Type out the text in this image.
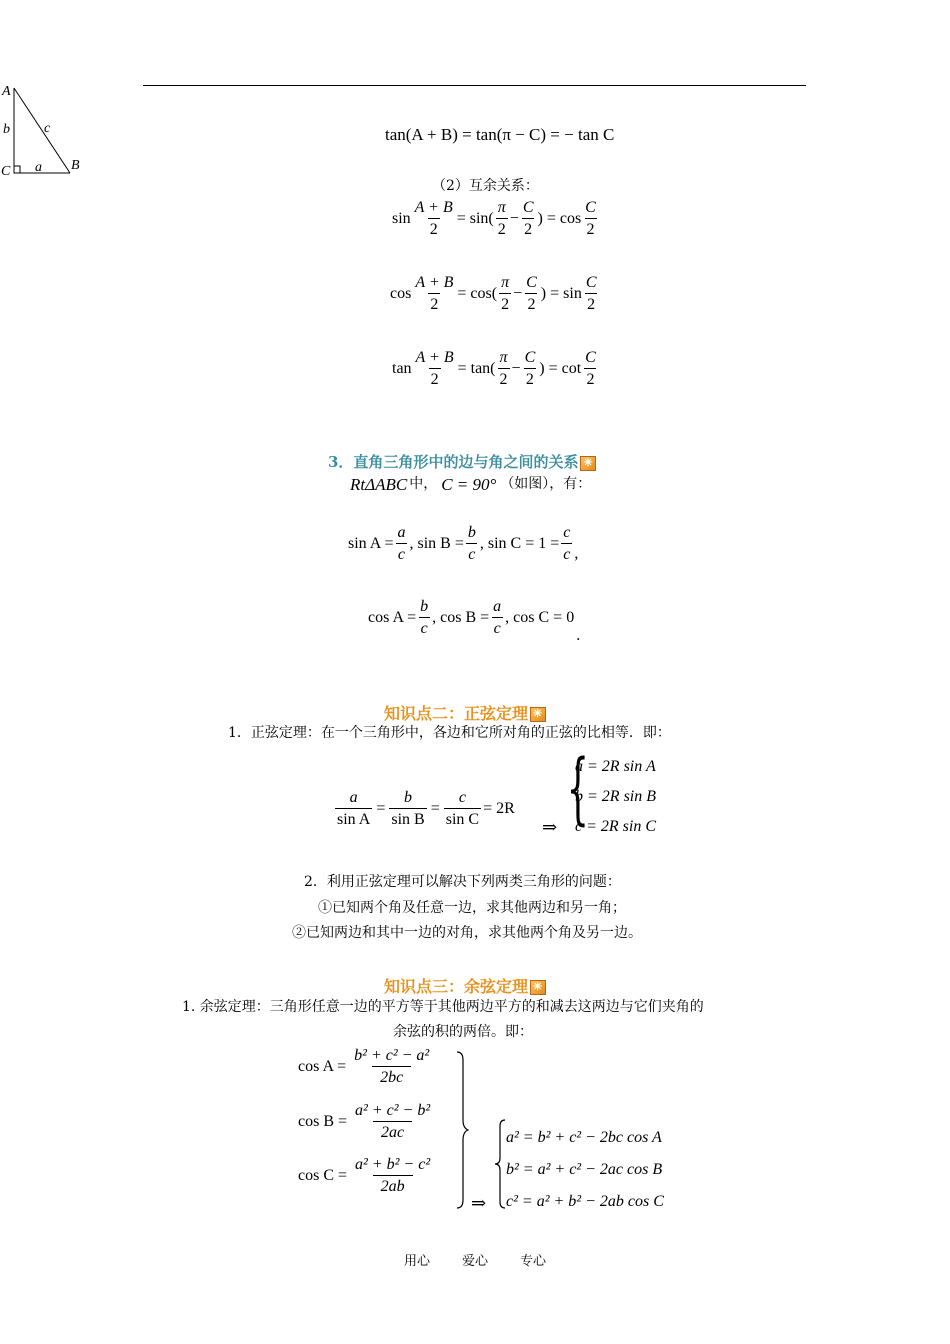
A
b c
C a B
tan(A + B) = tan(π − C) = − tan C
（2）互余关系：
$\sin \frac{A + B}{2} = \sin( \frac{\pi}{2} - \frac{C}{2}$ ) = $\cos \frac{C}{2}$
$\cos \frac{A + B}{2} = \cos( \frac{\pi}{2} - \frac{C}{2}$ ) = $\sin \frac{C}{2}$
$\tan \frac{A + B}{2} = \tan( \frac{\pi}{2} - \frac{C}{2}$ ) = $\cot \frac{C}{2}$
3．直角三角形中的边与角之间的关系✳
RtΔABC 中， C = 90° （如图），有：
$\sin A = \frac{a}{c}$ , $\sin B = \frac{b}{c}$ , $\sin C = 1 = \frac{c}{c}$ ,
$\cos A = \frac{b}{c}$ , $\cos B = \frac{a}{c}$ , cos C = 0
.
知识点二：正弦定理✳
1．正弦定理：在一个三角形中，各边和它所对角的正弦的比相等．即：
$\frac{a}{\text{sin A}} = \frac{b}{\text{sin B}} = \frac{c}{\text{sin C}} = 2R$
⇒ {
a = 2R sin A
b = 2R sin B
c = 2R sin C
2．利用正弦定理可以解决下列两类三角形的问题：
①已知两个角及任意一边，求其他两边和另一角；
②已知两边和其中一边的对角，求其他两个角及另一边。
知识点三：余弦定理✳
1. 余弦定理：三角形任意一边的平方等于其他两边平方的和减去这两边与它们夹角的
余弦的积的两倍。即：
$\cos A = \frac{\text{b² + c² − a²}}{2bc}$
$\cos B = \frac{\text{a² + c² − b²}}{2ac}$
$\cos C = \frac{\text{a² + b² − c²}}{2ab}$
⇒
a² = b² + c² − 2bc cos A
b² = a² + c² − 2ac cos B
c² = a² + b² − 2ab cos C
用心 爱心 专心
